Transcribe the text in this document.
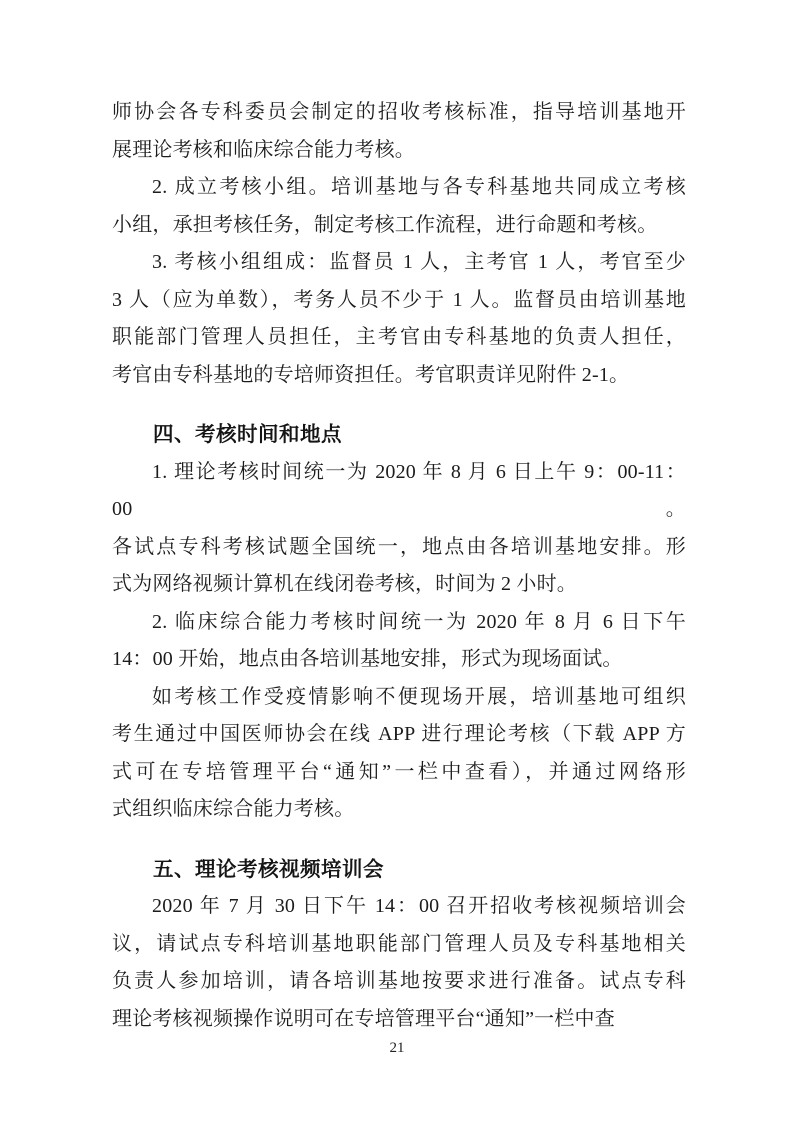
师协会各专科委员会制定的招收考核标准，指导培训基地开
展理论考核和临床综合能力考核。
2. 成立考核小组。培训基地与各专科基地共同成立考核
小组，承担考核任务，制定考核工作流程，进行命题和考核。
3. 考核小组组成：监督员 1 人，主考官 1 人，考官至少
3 人（应为单数），考务人员不少于 1 人。监督员由培训基地
职能部门管理人员担任，主考官由专科基地的负责人担任，
考官由专科基地的专培师资担任。考官职责详见附件 2-1。
四、考核时间和地点
1. 理论考核时间统一为 2020 年 8 月 6 日上午 9：00-11：00。
各试点专科考核试题全国统一，地点由各培训基地安排。形
式为网络视频计算机在线闭卷考核，时间为 2 小时。
2. 临床综合能力考核时间统一为 2020 年 8 月 6 日下午
14：00 开始，地点由各培训基地安排，形式为现场面试。
如考核工作受疫情影响不便现场开展，培训基地可组织
考生通过中国医师协会在线 APP 进行理论考核（下载 APP 方
式可在专培管理平台“通知”一栏中查看），并通过网络形
式组织临床综合能力考核。
五、理论考核视频培训会
2020 年 7 月 30 日下午 14：00 召开招收考核视频培训会
议，请试点专科培训基地职能部门管理人员及专科基地相关
负责人参加培训，请各培训基地按要求进行准备。试点专科
理论考核视频操作说明可在专培管理平台“通知”一栏中查
21
